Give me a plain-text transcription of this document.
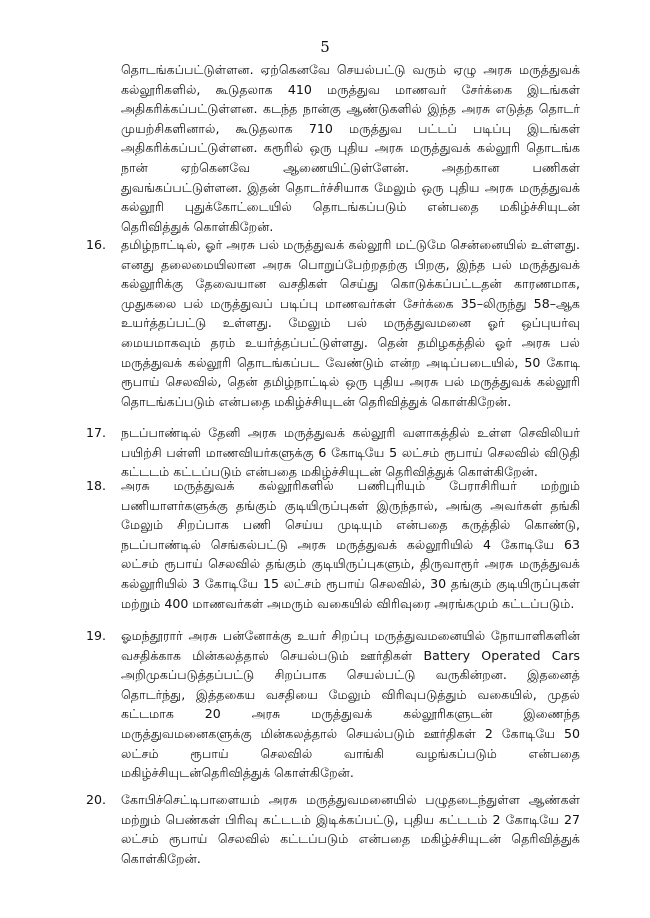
5
தொடங்கப்பட்டுள்ளன. ஏற்கெனவே செயல்பட்டு வரும் ஏழு அரசு மருத்துவக் கல்லூரிகளில், கூடுதலாக 410 மருத்துவ மாணவர் சேர்க்கை இடங்கள் அதிகரிக்கப்பட்டுள்ளன. கடந்த நான்கு ஆண்டுகளில் இந்த அரசு எடுத்த தொடர் முயற்சிகளினால், கூடுதலாக 710 மருத்துவ பட்டப் படிப்பு இடங்கள் அதிகரிக்கப்பட்டுள்ளன. கரூரில் ஒரு புதிய அரசு மருத்துவக் கல்லூரி தொடங்க நான் ஏற்கெனவே ஆணையிட்டுள்ளேன். அதற்கான பணிகள் துவங்கப்பட்டுள்ளன. இதன் தொடர்ச்சியாக மேலும் ஒரு புதிய அரசு மருத்துவக் கல்லூரி புதுக்கோட்டையில் தொடங்கப்படும் என்பதை மகிழ்ச்சியுடன் தெரிவித்துக் கொள்கிறேன்.
16.	தமிழ்நாட்டில், ஓர் அரசு பல் மருத்துவக் கல்லூரி மட்டுமே சென்னையில் உள்ளது. எனது தலைமையிலான அரசு பொறுப்பேற்றதற்கு பிறகு, இந்த பல் மருத்துவக் கல்லூரிக்கு தேவையான வசதிகள் செய்து கொடுக்கப்பட்டதன் காரணமாக, முதுகலை பல் மருத்துவப் படிப்பு மாணவர்கள் சேர்க்கை 35–லிருந்து 58–ஆக உயர்த்தப்பட்டு உள்ளது. மேலும் பல் மருத்துவமனை ஓர் ஒப்புயர்வு மையமாகவும் தரம் உயர்த்தப்பட்டுள்ளது. தென் தமிழகத்தில் ஓர் அரசு பல் மருத்துவக் கல்லூரி தொடங்கப்பட வேண்டும் என்ற அடிப்படையில், 50 கோடி ரூபாய் செலவில், தென் தமிழ்நாட்டில் ஒரு புதிய அரசு பல் மருத்துவக் கல்லூரி தொடங்கப்படும் என்பதை மகிழ்ச்சியுடன் தெரிவித்துக் கொள்கிறேன்.
17.	நடப்பாண்டில் தேனி அரசு மருத்துவக் கல்லூரி வளாகத்தில் உள்ள செவிலியர் பயிற்சி பள்ளி மாணவியர்களுக்கு 6 கோடியே 5 லட்சம் ரூபாய் செலவில் விடுதி கட்டடம் கட்டப்படும் என்பதை மகிழ்ச்சியுடன் தெரிவித்துக் கொள்கிறேன்.
18.	அரசு மருத்துவக் கல்லூரிகளில் பணிபுரியும் பேராசிரியர் மற்றும் பணியாளர்களுக்கு தங்கும் குடியிருப்புகள் இருந்தால், அங்கு அவர்கள் தங்கி மேலும் சிறப்பாக பணி செய்ய முடியும் என்பதை கருத்தில் கொண்டு, நடப்பாண்டில் செங்கல்பட்டு அரசு மருத்துவக் கல்லூரியில் 4 கோடியே 63 லட்சம் ரூபாய் செலவில் தங்கும் குடியிருப்புகளும், திருவாரூர் அரசு மருத்துவக் கல்லூரியில் 3 கோடியே 15 லட்சம் ரூபாய் செலவில், 30 தங்கும் குடியிருப்புகள் மற்றும் 400 மாணவர்கள் அமரும் வகையில் விரிவுரை அரங்கமும் கட்டப்படும்.
19.	ஓமந்தூரார் அரசு பன்னோக்கு உயர் சிறப்பு மருத்துவமனையில் நோயாளிகளின் வசதிக்காக மின்கலத்தால் செயல்படும் ஊர்திகள் Battery Operated Cars அறிமுகப்படுத்தப்பட்டு சிறப்பாக செயல்பட்டு வருகின்றன. இதனைத் தொடர்ந்து, இத்தகைய வசதியை மேலும் விரிவுபடுத்தும் வகையில், முதல் கட்டமாக 20 அரசு மருத்துவக் கல்லூரிகளுடன் இணைந்த மருத்துவமனைகளுக்கு மின்கலத்தால் செயல்படும் ஊர்திகள் 2 கோடியே 50 லட்சம் ரூபாய் செலவில் வாங்கி வழங்கப்படும் என்பதை மகிழ்ச்சியுடன்தெரிவித்துக் கொள்கிறேன்.
20.	கோபிச்செட்டிபாளையம் அரசு மருத்துவமனையில் பழுதடைந்துள்ள ஆண்கள் மற்றும் பெண்கள் பிரிவு கட்டடம் இடிக்கப்பட்டு, புதிய கட்டடம் 2 கோடியே 27 லட்சம் ரூபாய் செலவில் கட்டப்படும் என்பதை மகிழ்ச்சியுடன் தெரிவித்துக் கொள்கிறேன்.
